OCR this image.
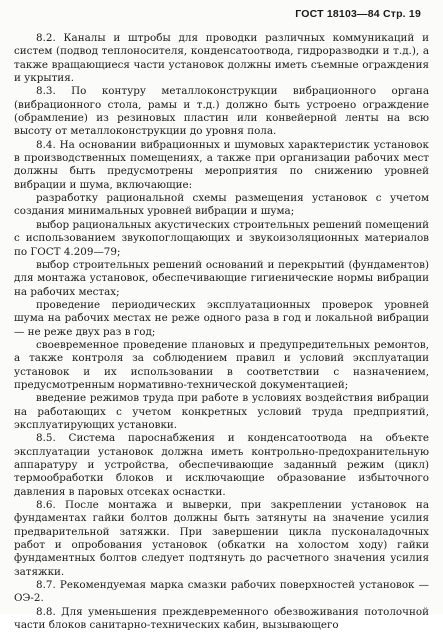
ГОСТ 18103—84 Стр. 19

8.2. Каналы и штробы для проводки различных коммуникаций и систем (подвод теплоносителя, конденсатоотвода, гидроразводки и т.д.), а также вращающиеся части установок должны иметь съемные ограждения и укрытия.

8.3. По контуру металлоконструкции вибрационного органа (вибрационного стола, рамы и т.д.) должно быть устроено ограждение (обрамление) из резиновых пластин или конвейерной ленты на всю высоту от металлоконструкции до уровня пола.

8.4. На основании вибрационных и шумовых характеристик установок в производственных помещениях, а также при организации рабочих мест должны быть предусмотрены мероприятия по снижению уровней вибрации и шума, включающие:

разработку рациональной схемы размещения установок с учетом создания минимальных уровней вибрации и шума;

выбор рациональных акустических строительных решений помещений с использованием звукопоглощающих и звукоизоляционных материалов по ГОСТ 4.209—79;

выбор строительных решений оснований и перекрытий (фундаментов) для монтажа установок, обеспечивающие гигиенические нормы вибрации на рабочих местах;

проведение периодических эксплуатационных проверок уровней шума на рабочих местах не реже одного раза в год и локальной вибрации — не реже двух раз в год;

своевременное проведение плановых и предупредительных ремонтов, а также контроля за соблюдением правил и условий эксплуатации установок и их использовании в соответствии с назначением, предусмотренным нормативно-технической документацией;

введение режимов труда при работе в условиях воздействия вибрации на работающих с учетом конкретных условий труда предприятий, эксплуатирующих установки.

8.5. Система пароснабжения и конденсатоотвода на объекте эксплуатации установок должна иметь контрольно-предохранительную аппаратуру и устройства, обеспечивающие заданный режим (цикл) термообработки блоков и исключающие образование избыточного давления в паровых отсеках оснастки.

8.6. После монтажа и выверки, при закреплении установок на фундаментах гайки болтов должны быть затянуты на значение усилия предварительной затяжки. При завершении цикла пусконаладочных работ и опробования установок (обкатки на холостом ходу) гайки фундаментных болтов следует подтянуть до расчетного значения усилия затяжки.

8.7. Рекомендуемая марка смазки рабочих поверхностей установок — ОЭ-2.

8.8. Для уменьшения преждевременного обезвоживания потолочной части блоков санитарно-технических кабин, вызывающего
